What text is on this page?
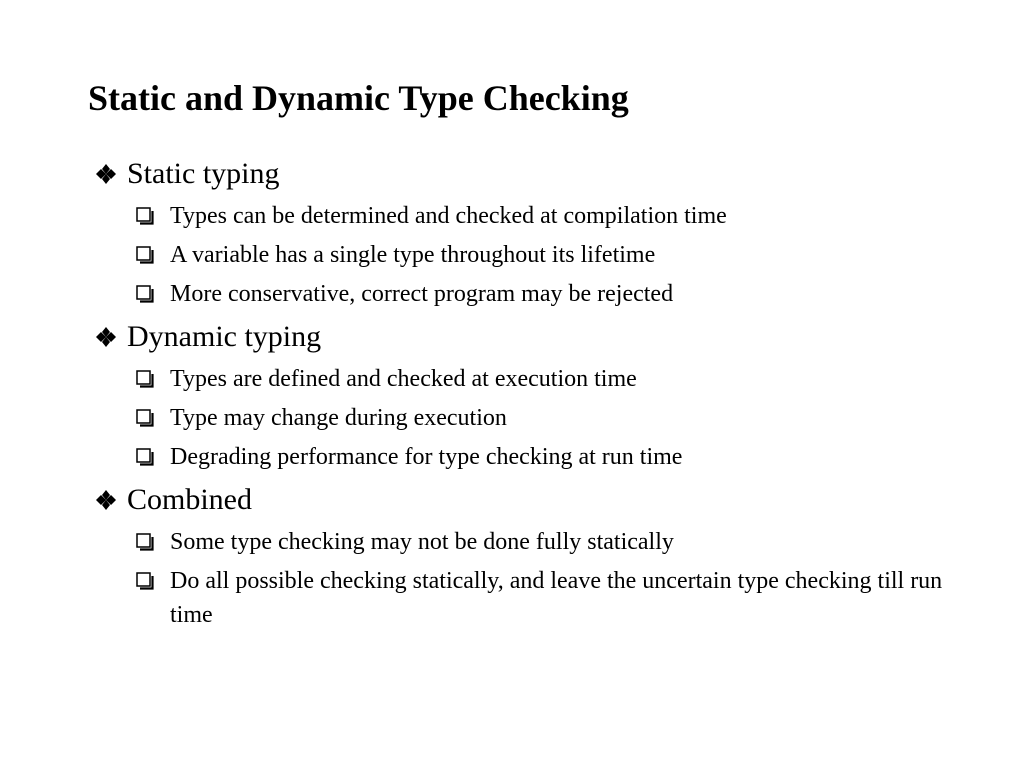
Static and Dynamic Type Checking
Static typing
Types can be determined and checked at compilation time
A variable has a single type throughout its lifetime
More conservative, correct program may be rejected
Dynamic typing
Types are defined and checked at execution time
Type may change during execution
Degrading performance for type checking at run time
Combined
Some type checking may not be done fully statically
Do all possible checking statically, and leave the uncertain type checking till run time
